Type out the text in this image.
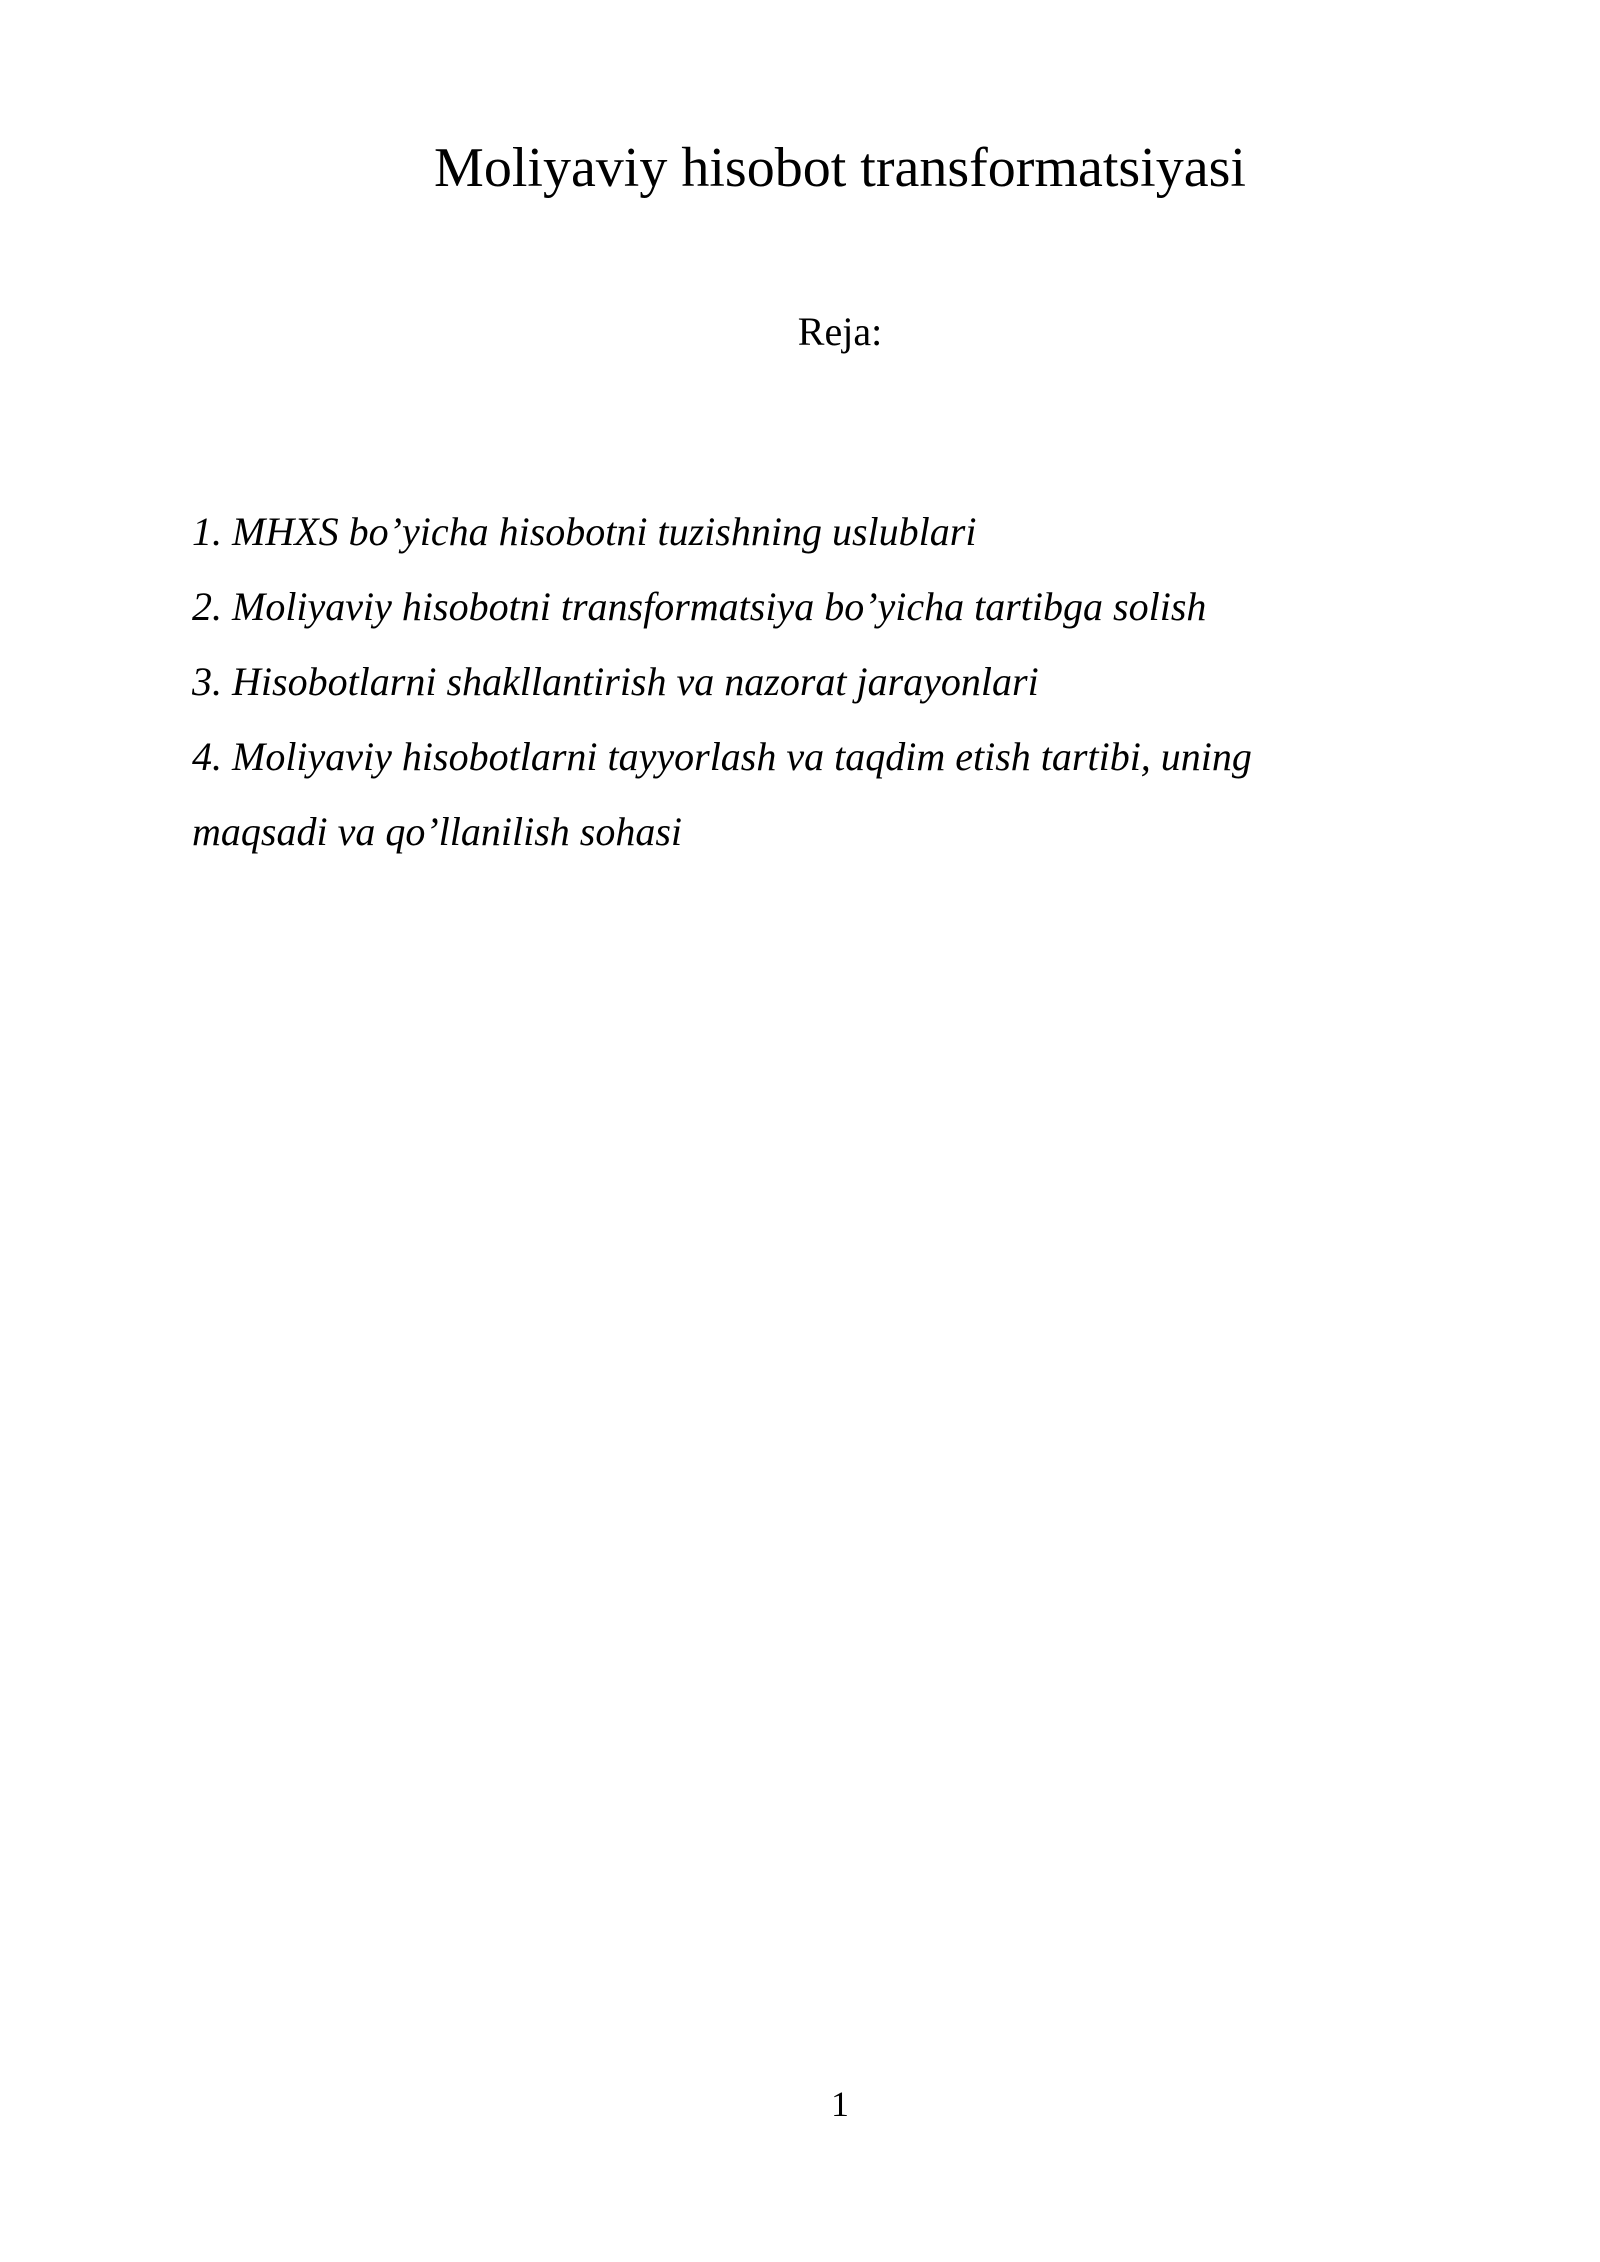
Moliyaviy hisobot transformatsiyasi

Reja:

1. MHXS bo’yicha hisobotni tuzishning uslublari
2. Moliyaviy hisobotni transformatsiya bo’yicha tartibga solish
3. Hisobotlarni shakllantirish va nazorat jarayonlari
4. Moliyaviy hisobotlarni tayyorlash va taqdim etish tartibi, uning
maqsadi va qo’llanilish sohasi

1
